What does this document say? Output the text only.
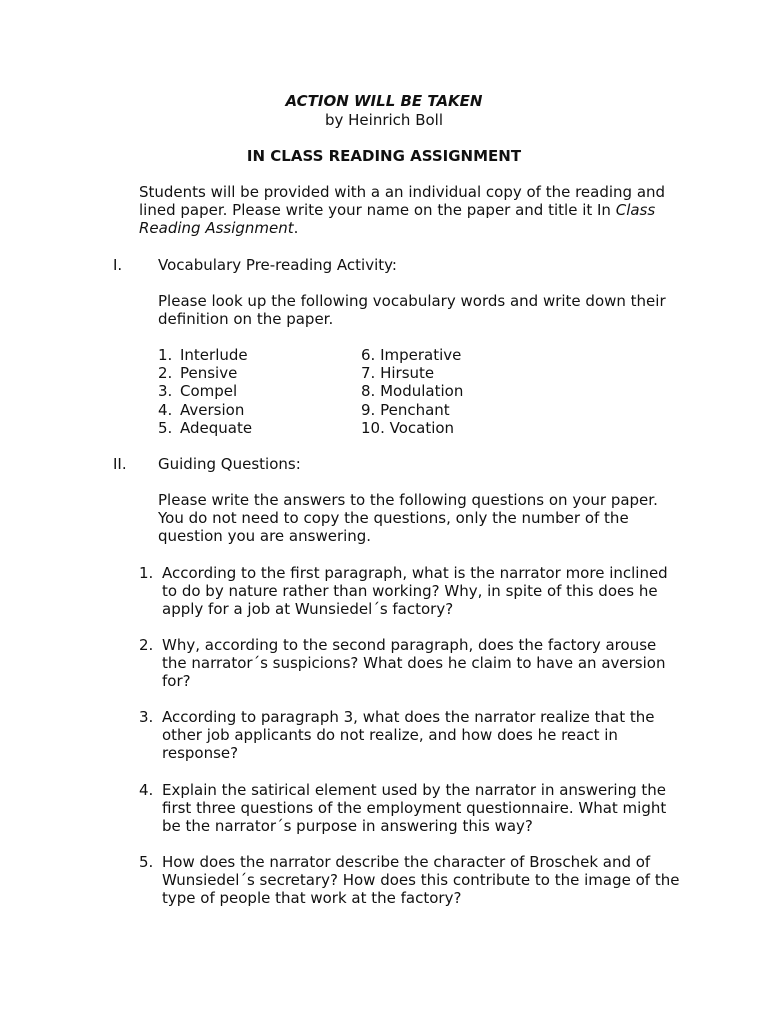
ACTION WILL BE TAKEN
by Heinrich Boll
IN CLASS READING ASSIGNMENT
Students will be provided with a an individual copy of the reading and lined paper. Please write your name on the paper and title it In Class Reading Assignment.
I. Vocabulary Pre-reading Activity:
Please look up the following vocabulary words and write down their definition on the paper.
1. Interlude	6. Imperative
2. Pensive	7. Hirsute
3. Compel	8. Modulation
4. Aversion	9. Penchant
5. Adequate	10. Vocation
II. Guiding Questions:
Please write the answers to the following questions on your paper. You do not need to copy the questions, only the number of the question you are answering.
1. According to the first paragraph, what is the narrator more inclined to do by nature rather than working? Why, in spite of this does he apply for a job at Wunsiedel´s factory?
2. Why, according to the second paragraph, does the factory arouse the narrator´s suspicions? What does he claim to have an aversion for?
3. According to paragraph 3, what does the narrator realize that the other job applicants do not realize, and how does he react in response?
4. Explain the satirical element used by the narrator in answering the first three questions of the employment questionnaire. What might be the narrator´s purpose in answering this way?
5. How does the narrator describe the character of Broschek and of Wunsiedel´s secretary? How does this contribute to the image of the type of people that work at the factory?
